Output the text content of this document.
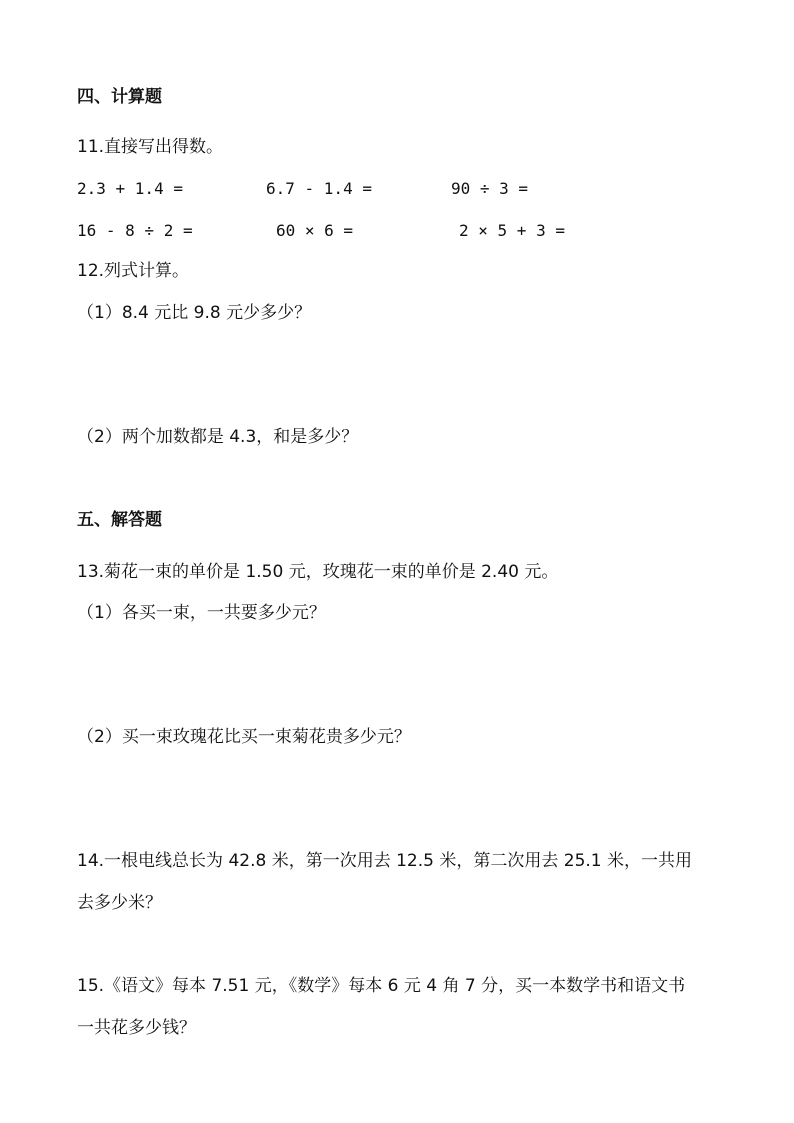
四、计算题
11.直接写出得数。
2.3 + 1.4 =	6.7 - 1.4 =	90 ÷ 3 =
16 - 8 ÷ 2 =	60 × 6 =	2 × 5 + 3 =
12.列式计算。
（1）8.4 元比 9.8 元少多少？
（2）两个加数都是 4.3，和是多少？
五、解答题
13.菊花一束的单价是 1.50 元，玫瑰花一束的单价是 2.40 元。
（1）各买一束，一共要多少元？
（2）买一束玫瑰花比买一束菊花贵多少元？
14.一根电线总长为 42.8 米，第一次用去 12.5 米，第二次用去 25.1 米，一共用
去多少米？
15.《语文》每本 7.51 元，《数学》每本 6 元 4 角 7 分，买一本数学书和语文书
一共花多少钱？
